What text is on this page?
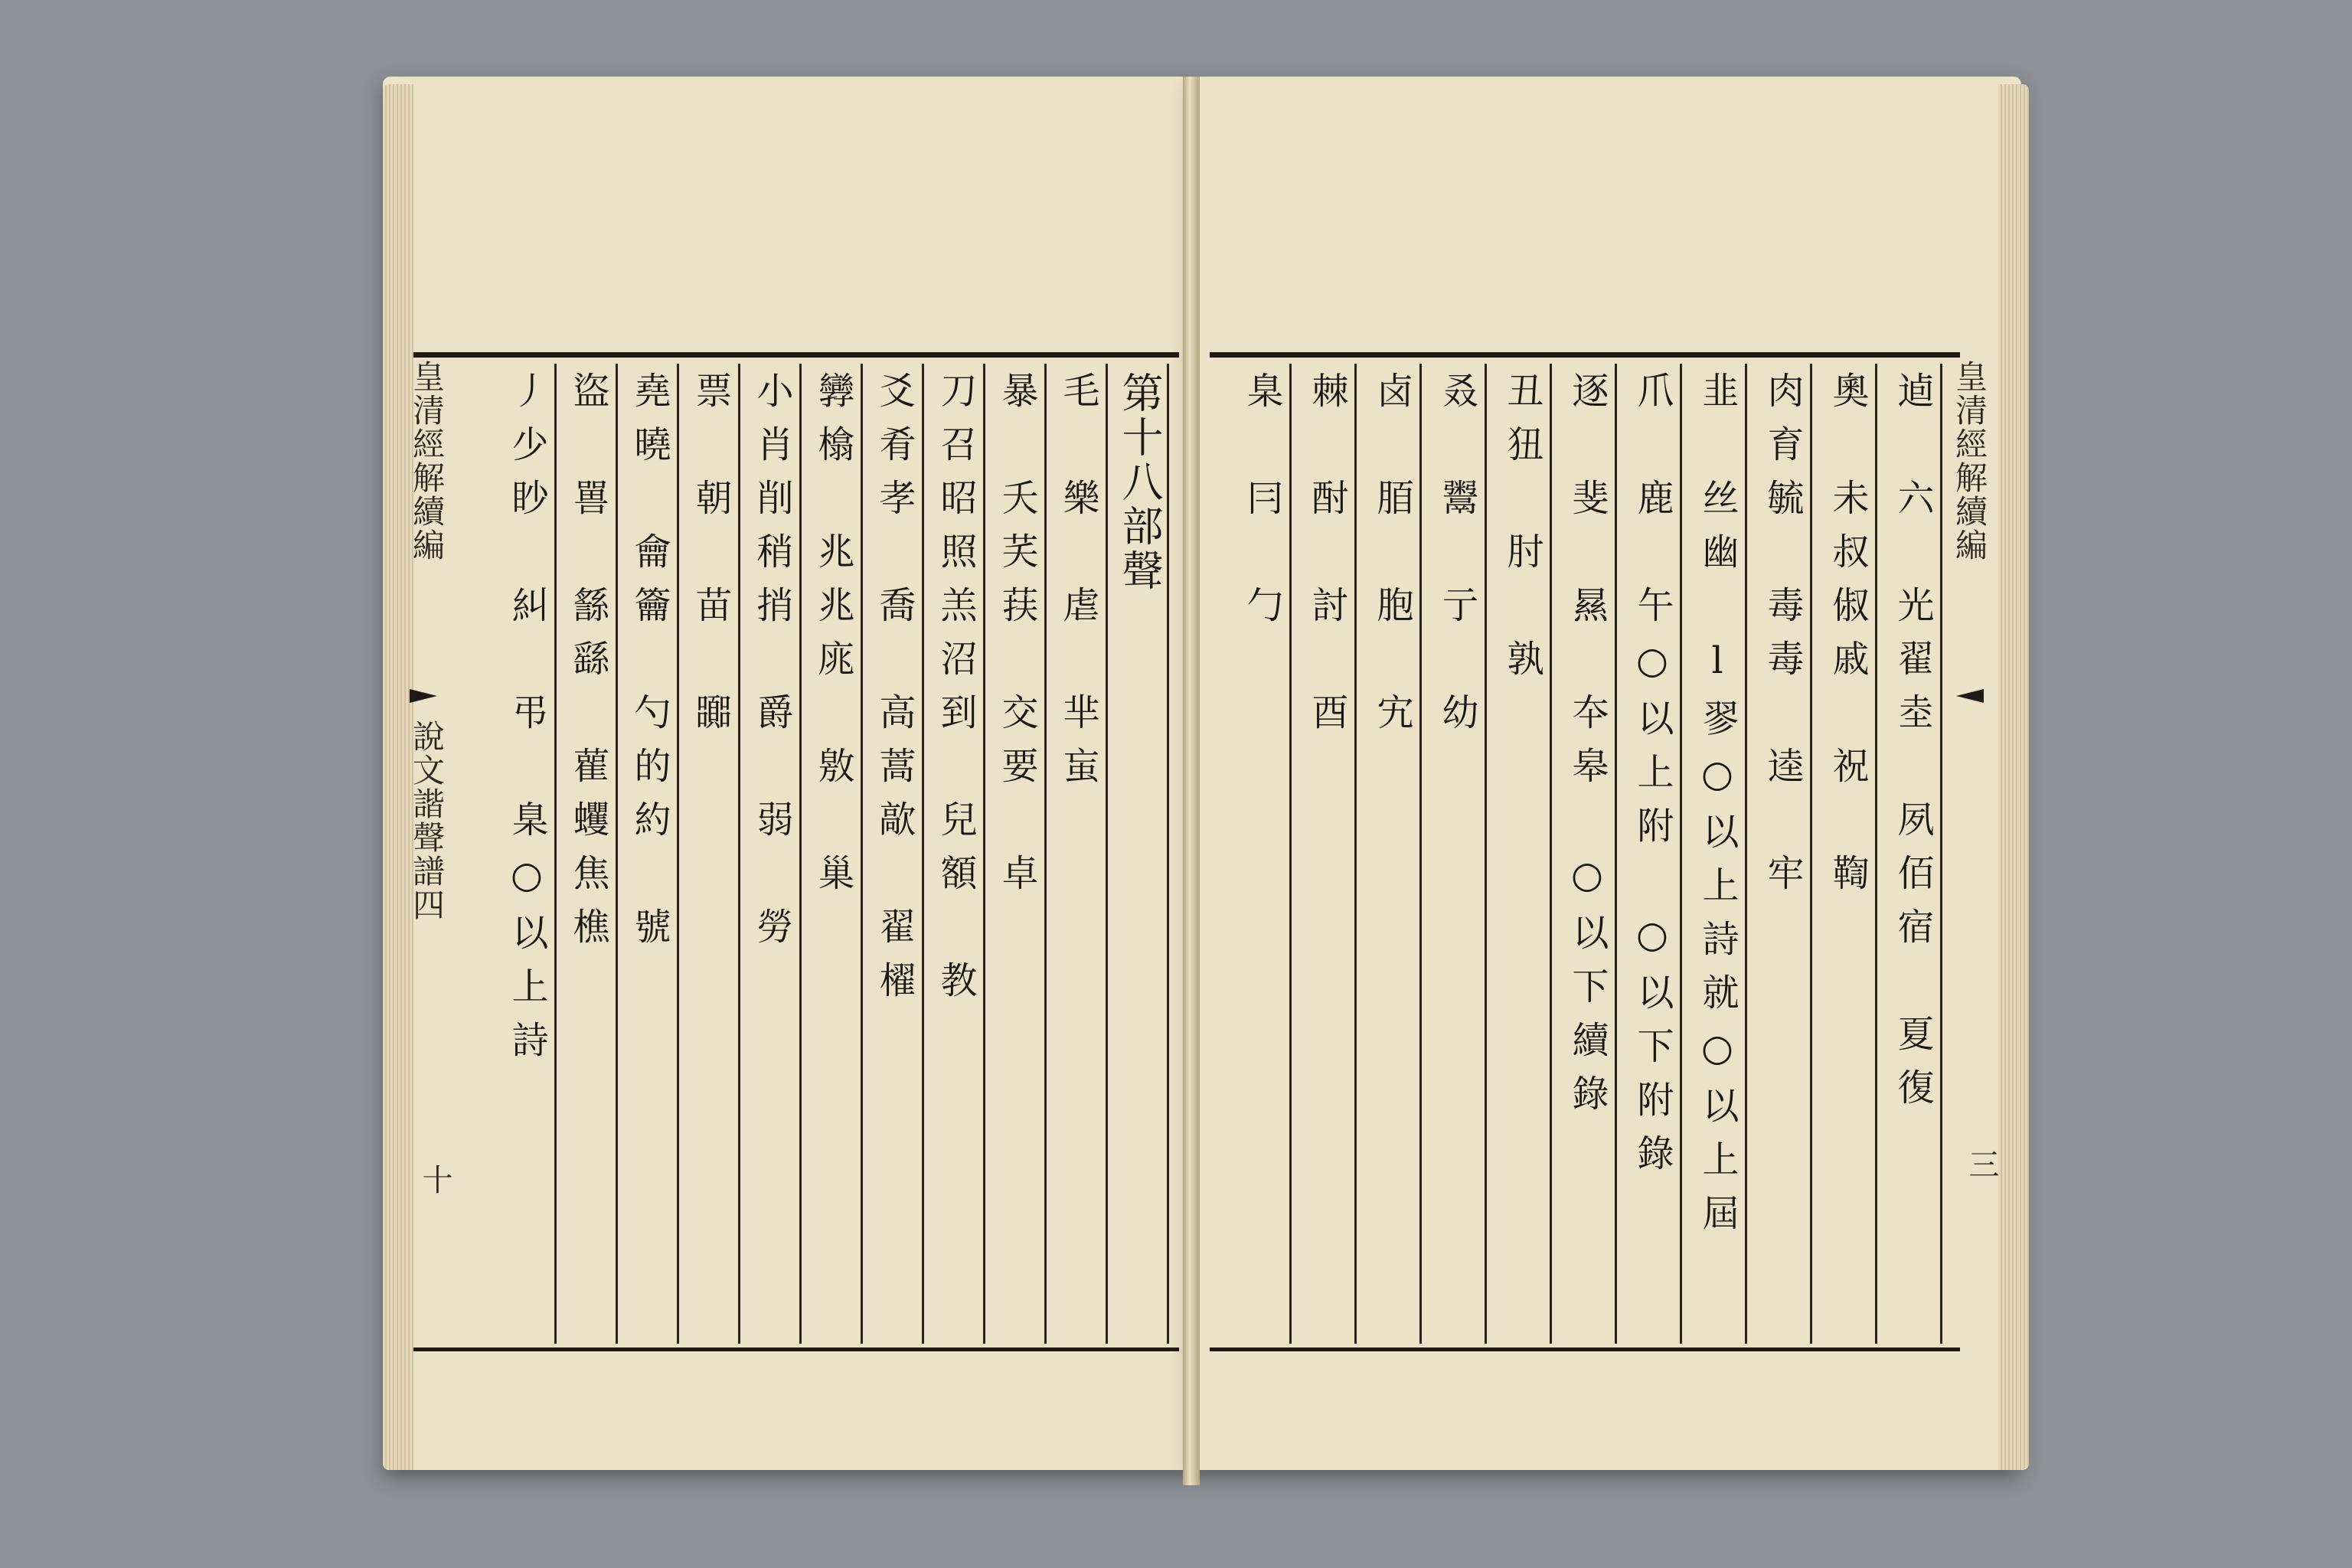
皇清經解續編
說文諧聲譜四
十
第十八部聲
毛　樂　虐　芈䖟
暴　夭芺荴　交要　卓
刀召昭照羔沼到　兒額　教
爻肴孝　喬　高蒿歊　翟櫂
㝈㯓　兆兆庣　敫　巢
小肖削稍捎　爵　弱　勞
票　朝　苗　嚻
堯曉　龠籥　勺的約　號
盜　嘼　䌛繇　雚蠼焦樵
丿少眇　糾　弔　臬○以上詩	皇清經解續編
三
逌　六　光翟坴　夙佰宿　夏復
奧　未叔俶戚　祝　鞫
肉育毓　毒毒　逵　牢
韭　丝幽　ⅼ翏○以上詩就○以上屆
爪　鹿　午○以上附　○以下附錄
逐　斐　㬎　夲皋　○以下續錄
丑狃　肘　孰
叒　鬻　亍　幼
卤　脜　胞　宄
棘　酎　討　酉
臬　冃　勹
